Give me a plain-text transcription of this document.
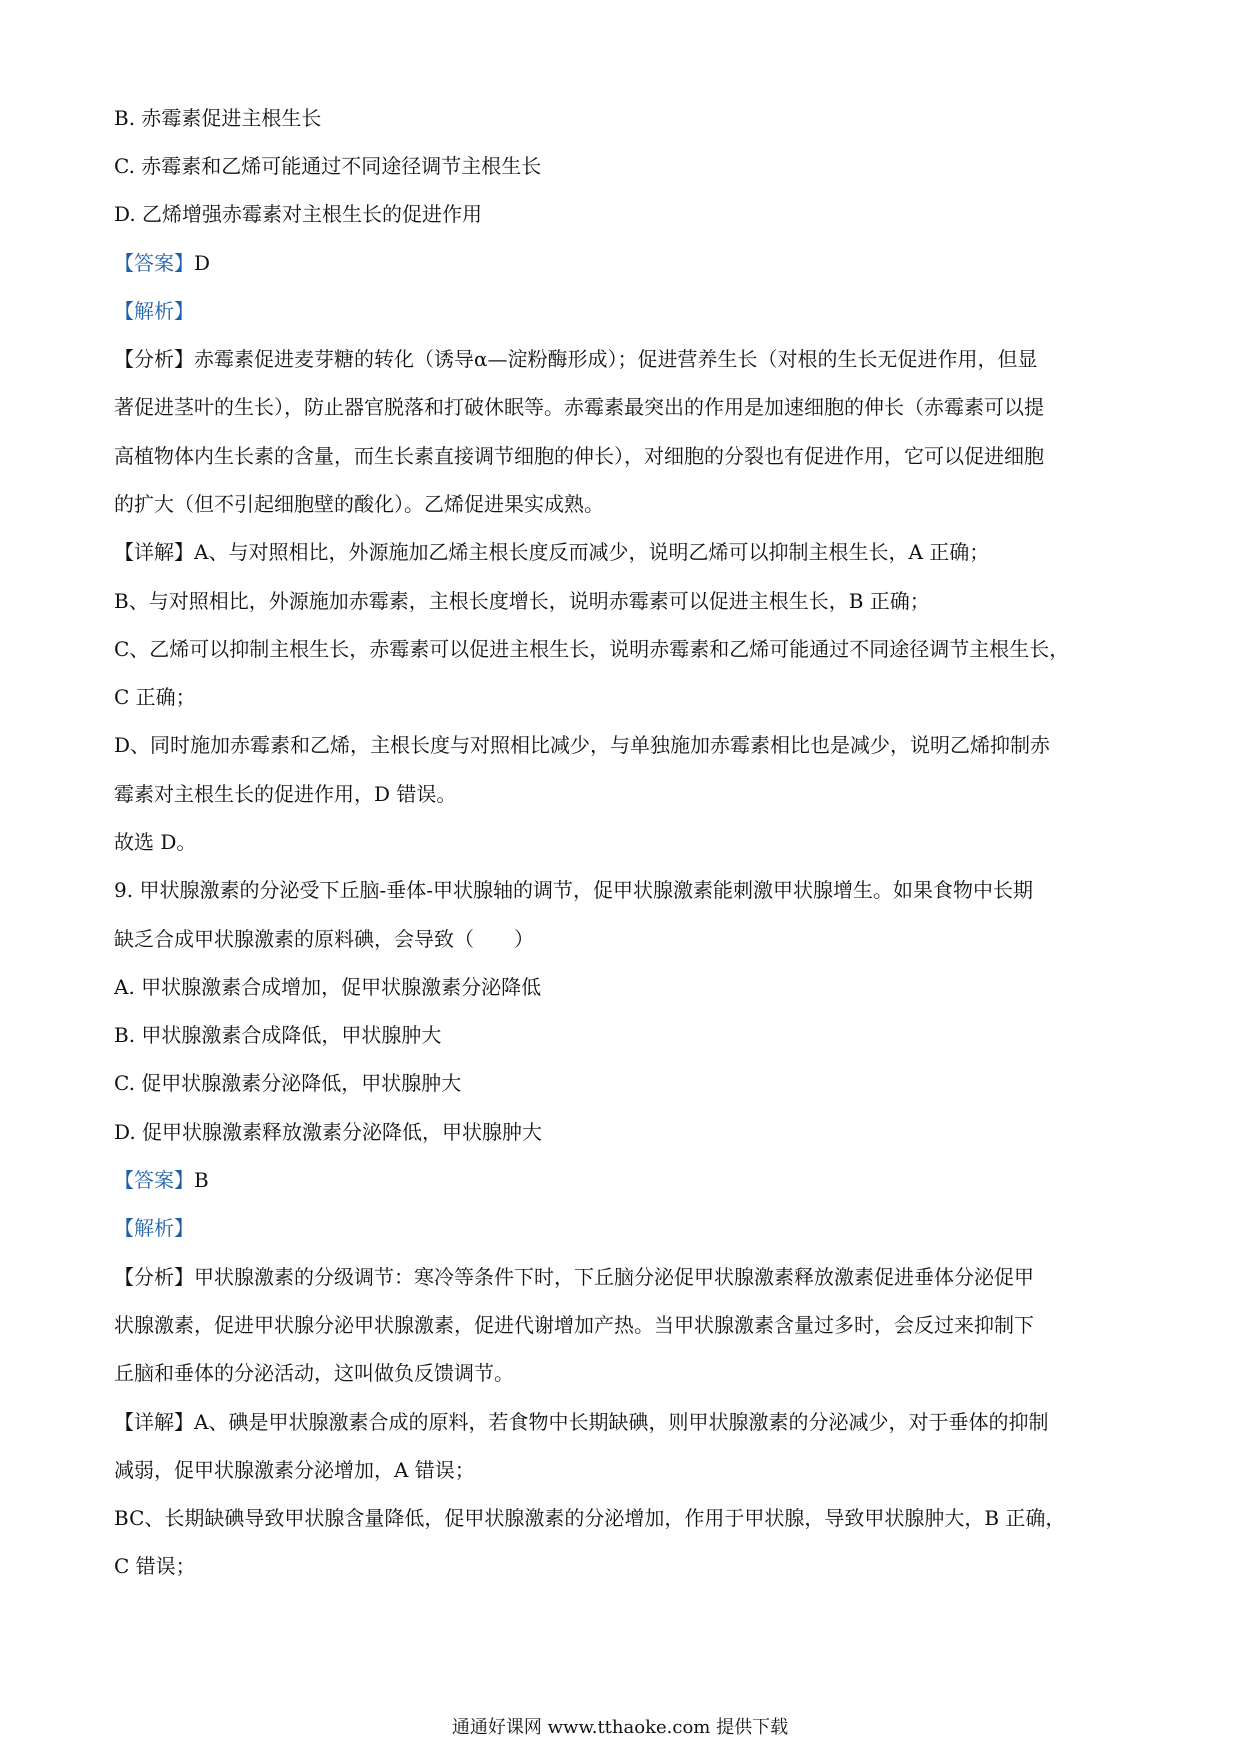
B. 赤霉素促进主根生长
C. 赤霉素和乙烯可能通过不同途径调节主根生长
D. 乙烯增强赤霉素对主根生长的促进作用
【答案】D
【解析】
【分析】赤霉素促进麦芽糖的转化（诱导α—淀粉酶形成）；促进营养生长（对根的生长无促进作用，但显
著促进茎叶的生长），防止器官脱落和打破休眠等。赤霉素最突出的作用是加速细胞的伸长（赤霉素可以提
高植物体内生长素的含量，而生长素直接调节细胞的伸长），对细胞的分裂也有促进作用，它可以促进细胞
的扩大（但不引起细胞壁的酸化）。乙烯促进果实成熟。
【详解】A、与对照相比，外源施加乙烯主根长度反而减少，说明乙烯可以抑制主根生长，A 正确；
B、与对照相比，外源施加赤霉素，主根长度增长，说明赤霉素可以促进主根生长，B 正确；
C、乙烯可以抑制主根生长，赤霉素可以促进主根生长，说明赤霉素和乙烯可能通过不同途径调节主根生长，
C 正确；
D、同时施加赤霉素和乙烯，主根长度与对照相比减少，与单独施加赤霉素相比也是减少，说明乙烯抑制赤
霉素对主根生长的促进作用，D 错误。
故选 D。
9. 甲状腺激素的分泌受下丘脑-垂体-甲状腺轴的调节，促甲状腺激素能刺激甲状腺增生。如果食物中长期
缺乏合成甲状腺激素的原料碘，会导致（　　）
A. 甲状腺激素合成增加，促甲状腺激素分泌降低
B. 甲状腺激素合成降低，甲状腺肿大
C. 促甲状腺激素分泌降低，甲状腺肿大
D. 促甲状腺激素释放激素分泌降低，甲状腺肿大
【答案】B
【解析】
【分析】甲状腺激素的分级调节：寒冷等条件下时，下丘脑分泌促甲状腺激素释放激素促进垂体分泌促甲
状腺激素，促进甲状腺分泌甲状腺激素，促进代谢增加产热。当甲状腺激素含量过多时，会反过来抑制下
丘脑和垂体的分泌活动，这叫做负反馈调节。
【详解】A、碘是甲状腺激素合成的原料，若食物中长期缺碘，则甲状腺激素的分泌减少，对于垂体的抑制
减弱，促甲状腺激素分泌增加，A 错误；
BC、长期缺碘导致甲状腺含量降低，促甲状腺激素的分泌增加，作用于甲状腺，导致甲状腺肿大，B 正确，
C 错误；
通通好课网 www.tthaoke.com 提供下载
